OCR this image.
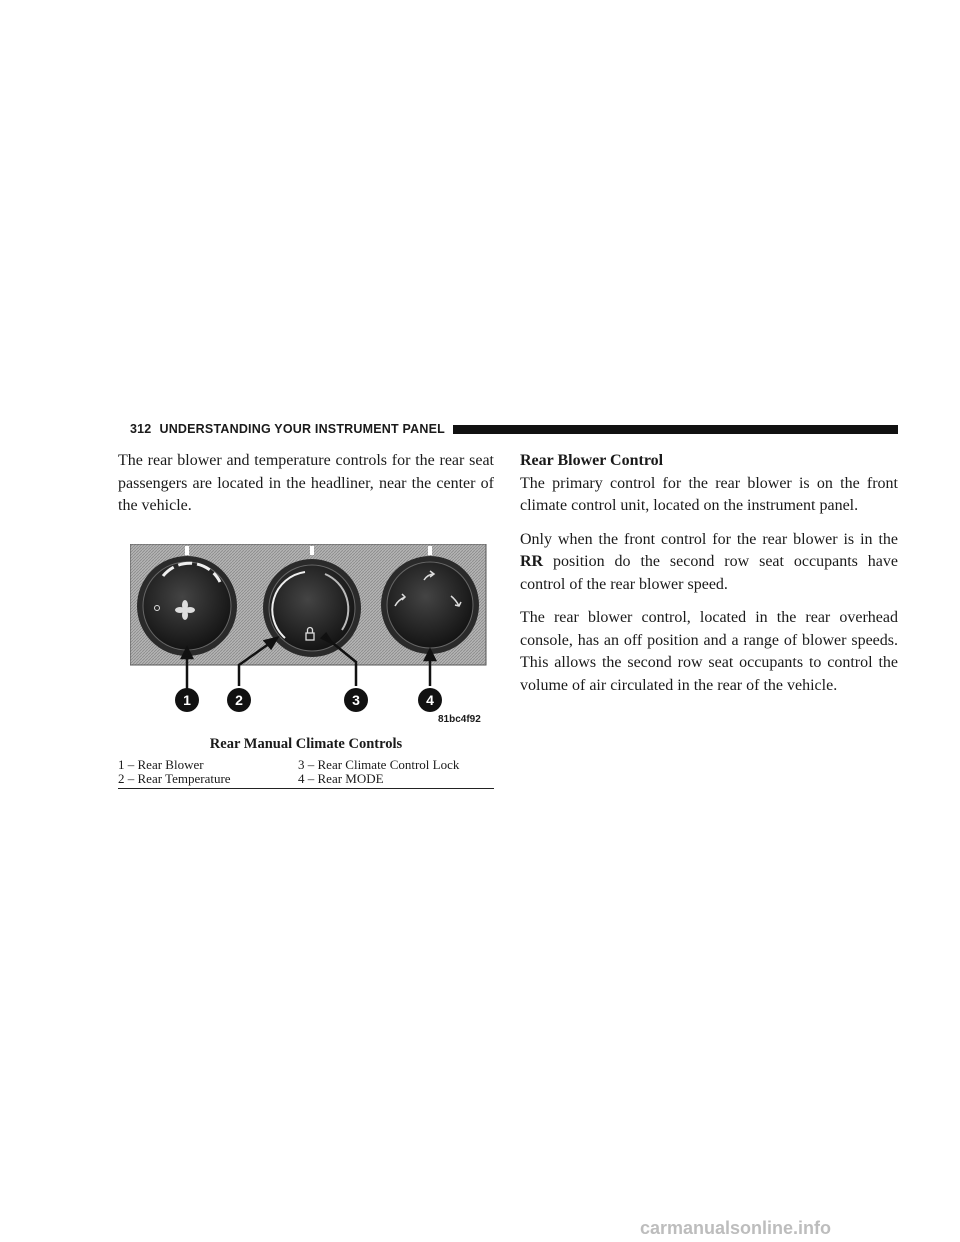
312 UNDERSTANDING YOUR INSTRUMENT PANEL

The rear blower and temperature controls for the rear seat passengers are located in the headliner, near the center of the vehicle.

1	2	3	4
81bc4f92
Rear Manual Climate Controls
1 – Rear Blower	3 – Rear Climate Control Lock
2 – Rear Temperature	4 – Rear MODE
Rear Blower Control

The primary control for the rear blower is on the front climate control unit, located on the instrument panel.

Only when the front control for the rear blower is in the RR position do the second row seat occupants have control of the rear blower speed.

The rear blower control, located in the rear overhead console, has an off position and a range of blower speeds. This allows the second row seat occupants to control the volume of air circulated in the rear of the vehicle.

carmanualsonline.info
